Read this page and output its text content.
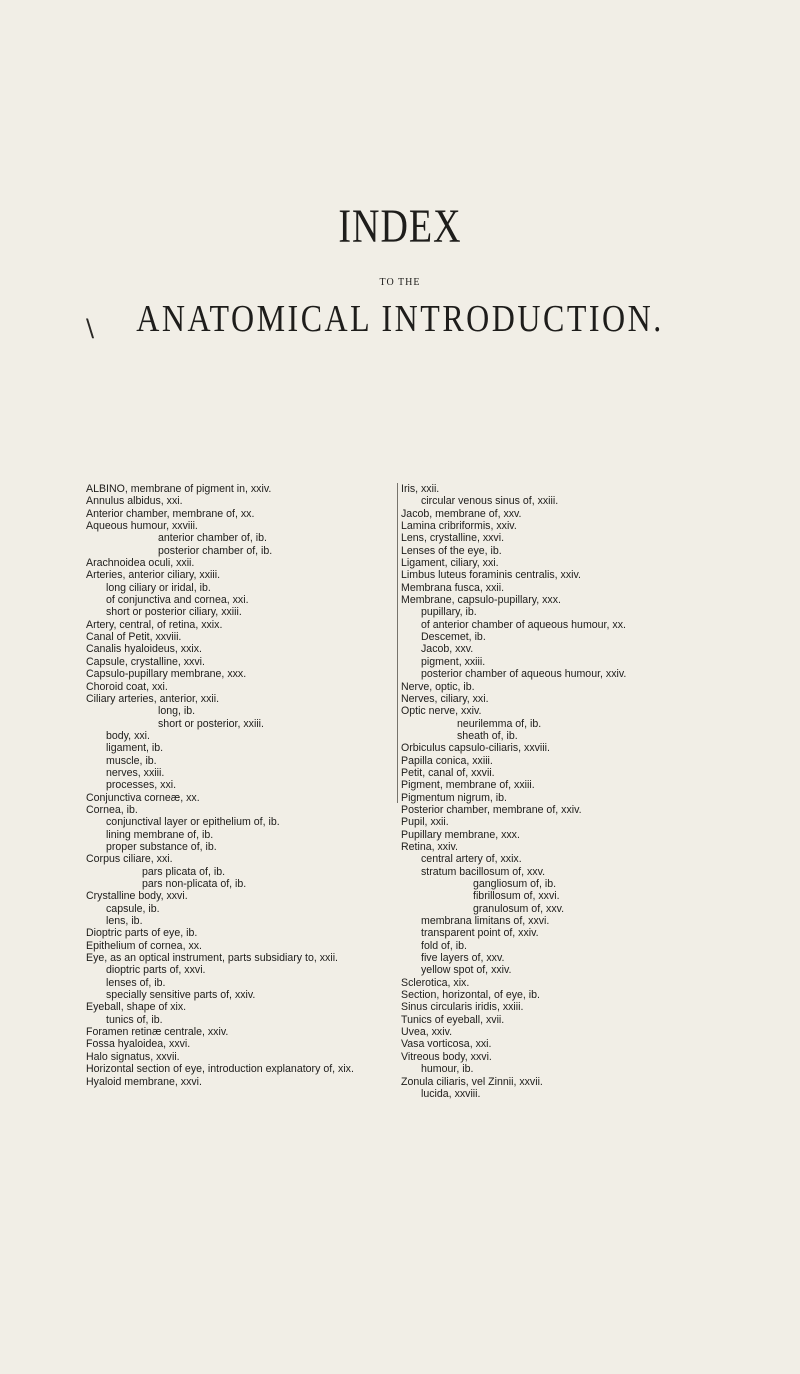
INDEX
TO THE
\	ANATOMICAL INTRODUCTION.
ALBINO, membrane of pigment in, xxiv.
Annulus albidus, xxi.
Anterior chamber, membrane of, xx.
Aqueous humour, xxviii.
anterior chamber of, ib.
posterior chamber of, ib.
Arachnoidea oculi, xxii.
Arteries, anterior ciliary, xxiii.
long ciliary or iridal, ib.
of conjunctiva and cornea, xxi.
short or posterior ciliary, xxiii.
Artery, central, of retina, xxix.
Canal of Petit, xxviii.
Canalis hyaloideus, xxix.
Capsule, crystalline, xxvi.
Capsulo-pupillary membrane, xxx.
Choroid coat, xxi.
Ciliary arteries, anterior, xxii.
long, ib.
short or posterior, xxiii.
body, xxi.
ligament, ib.
muscle, ib.
nerves, xxiii.
processes, xxi.
Conjunctiva corneæ, xx.
Cornea, ib.
conjunctival layer or epithelium of, ib.
lining membrane of, ib.
proper substance of, ib.
Corpus ciliare, xxi.
pars plicata of, ib.
pars non-plicata of, ib.
Crystalline body, xxvi.
capsule, ib.
lens, ib.
Dioptric parts of eye, ib.
Epithelium of cornea, xx.
Eye, as an optical instrument, parts subsidiary to, xxii.
dioptric parts of, xxvi.
lenses of, ib.
specially sensitive parts of, xxiv.
Eyeball, shape of xix.
tunics of, ib.
Foramen retinæ centrale, xxiv.
Fossa hyaloidea, xxvi.
Halo signatus, xxvii.
Horizontal section of eye, introduction explanatory of, xix.
Hyaloid membrane, xxvi.
Iris, xxii.
circular venous sinus of, xxiii.
Jacob, membrane of, xxv.
Lamina cribriformis, xxiv.
Lens, crystalline, xxvi.
Lenses of the eye, ib.
Ligament, ciliary, xxi.
Limbus luteus foraminis centralis, xxiv.
Membrana fusca, xxii.
Membrane, capsulo-pupillary, xxx.
pupillary, ib.
of anterior chamber of aqueous humour, xx.
Descemet, ib.
Jacob, xxv.
pigment, xxiii.
posterior chamber of aqueous humour, xxiv.
Nerve, optic, ib.
Nerves, ciliary, xxi.
Optic nerve, xxiv.
neurilemma of, ib.
sheath of, ib.
Orbiculus capsulo-ciliaris, xxviii.
Papilla conica, xxiii.
Petit, canal of, xxvii.
Pigment, membrane of, xxiii.
Pigmentum nigrum, ib.
Posterior chamber, membrane of, xxiv.
Pupil, xxii.
Pupillary membrane, xxx.
Retina, xxiv.
central artery of, xxix.
stratum bacillosum of, xxv.
gangliosum of, ib.
fibrillosum of, xxvi.
granulosum of, xxv.
membrana limitans of, xxvi.
transparent point of, xxiv.
fold of, ib.
five layers of, xxv.
yellow spot of, xxiv.
Sclerotica, xix.
Section, horizontal, of eye, ib.
Sinus circularis iridis, xxiii.
Tunics of eyeball, xvii.
Uvea, xxiv.
Vasa vorticosa, xxi.
Vitreous body, xxvi.
humour, ib.
Zonula ciliaris, vel Zinnii, xxvii.
lucida, xxviii.
